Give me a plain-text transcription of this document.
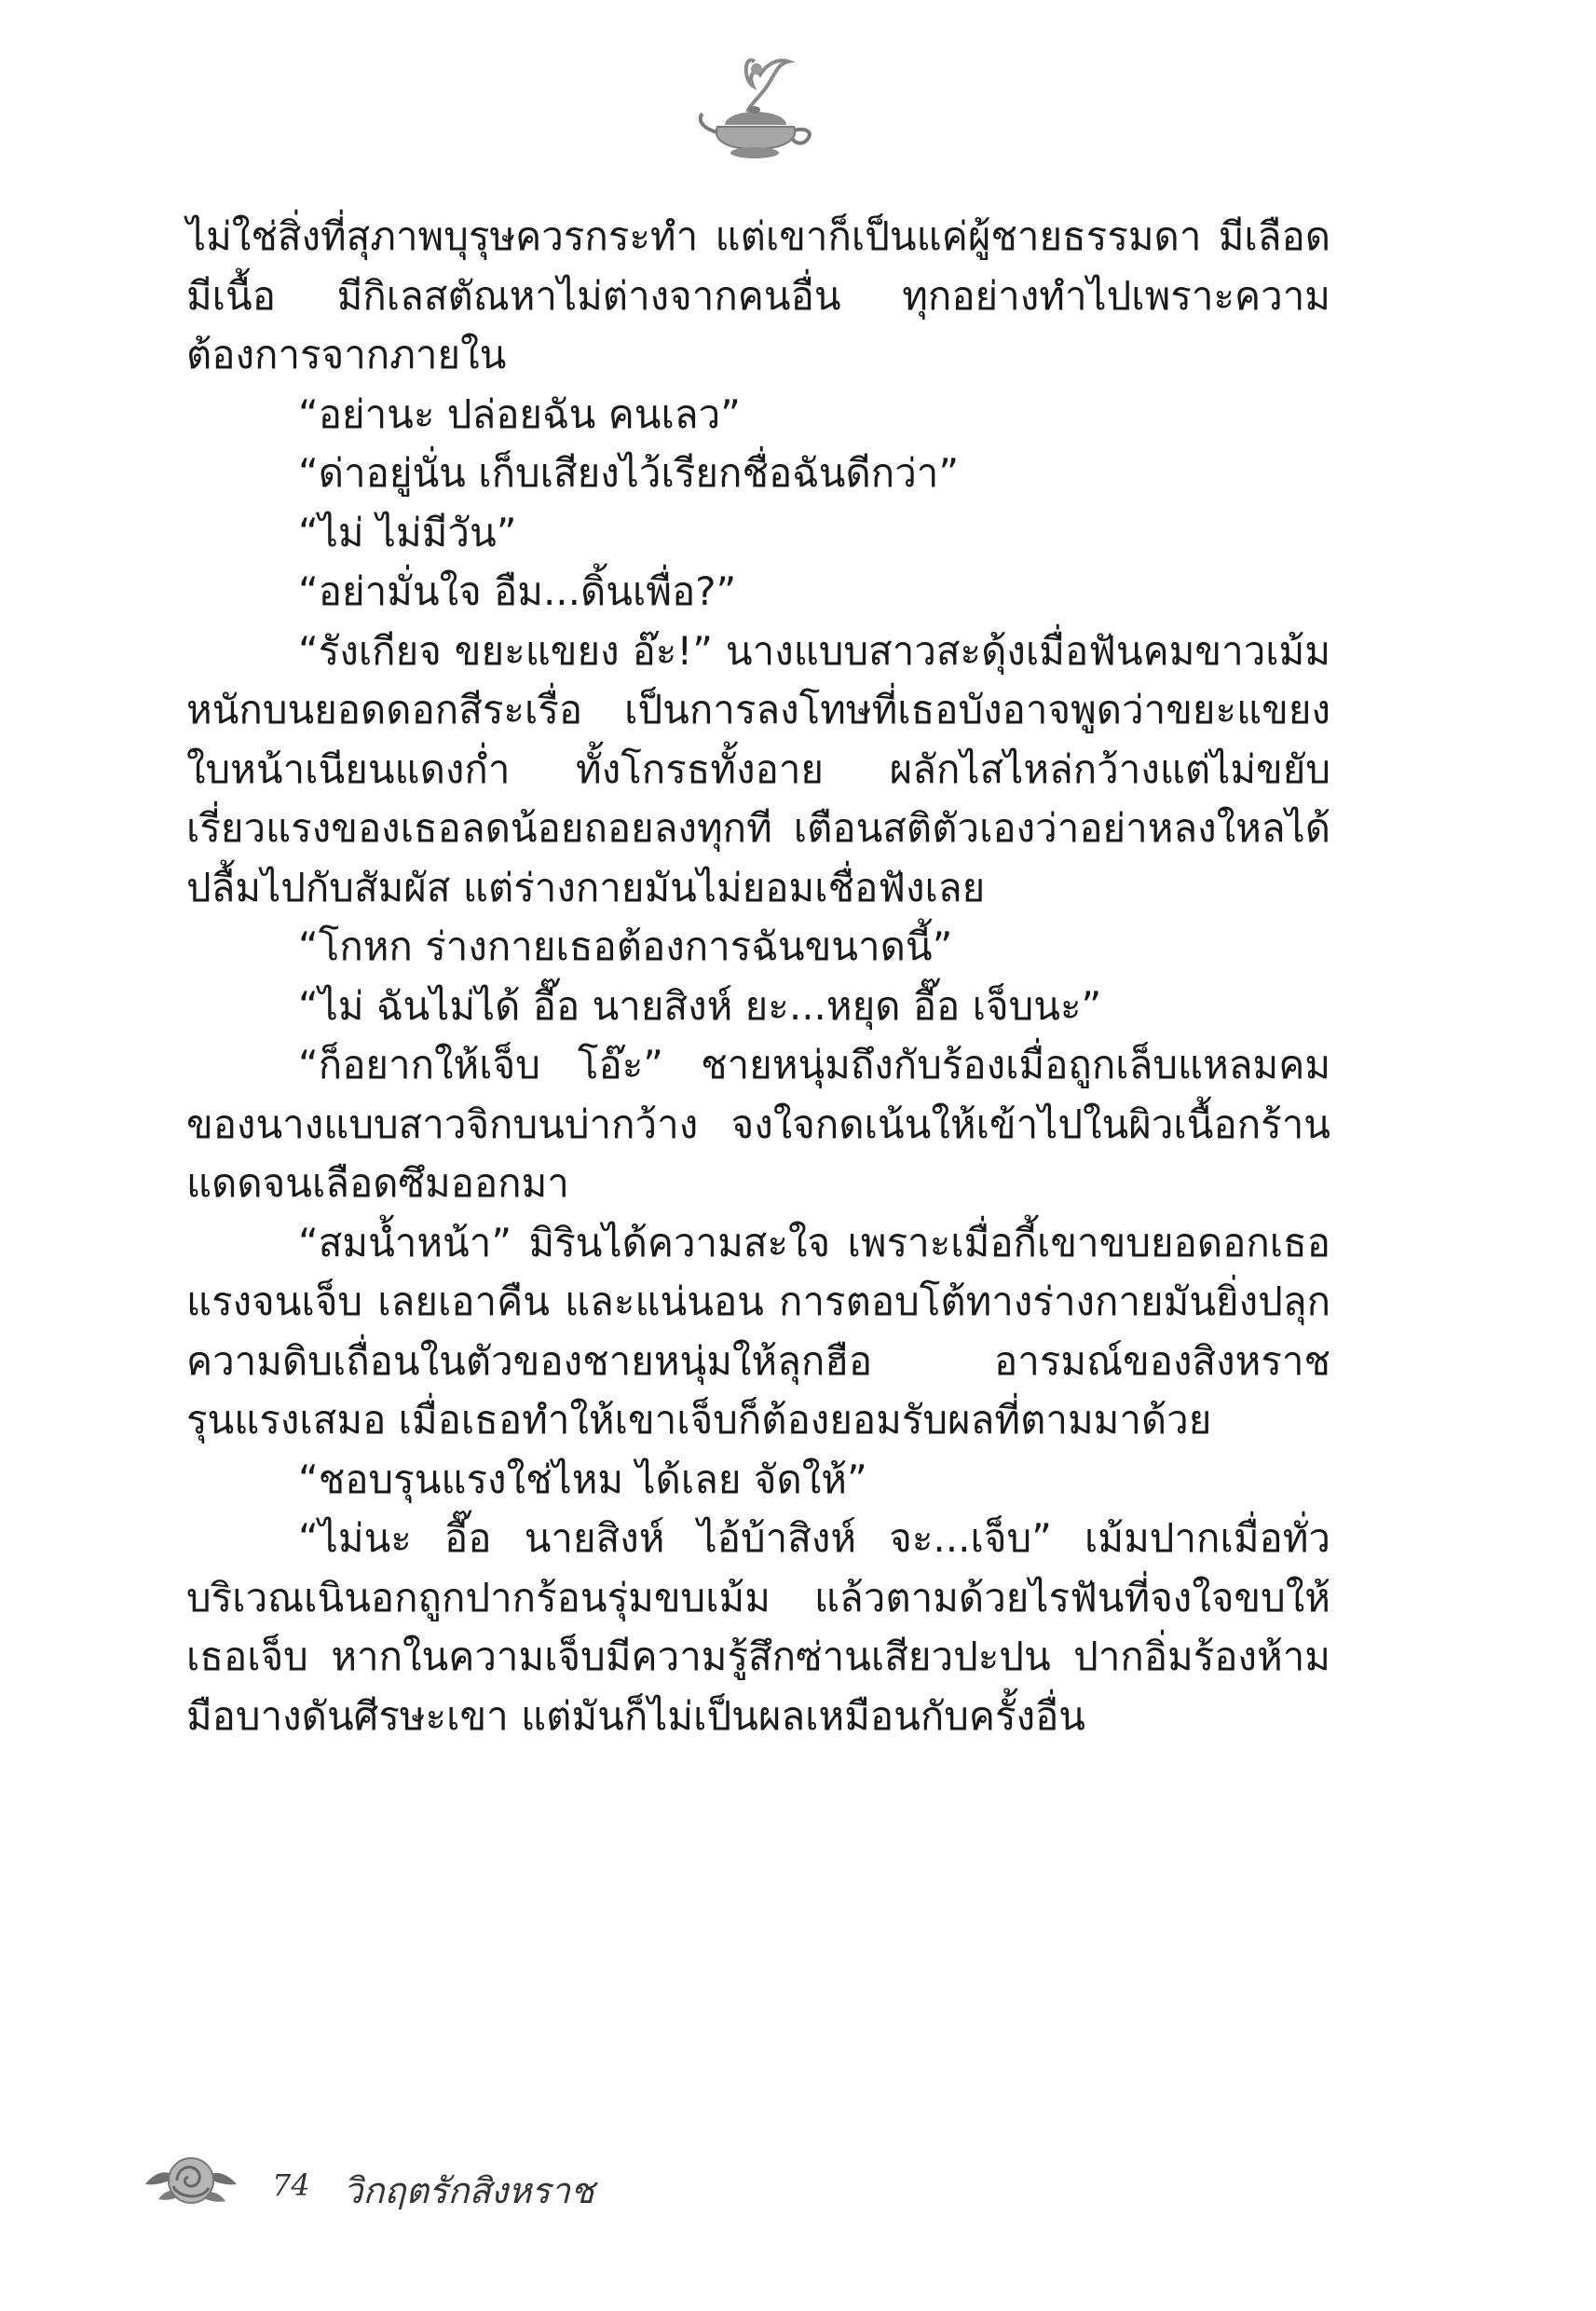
ไม่ใช่สิ่งที่สุภาพบุรุษควรกระทำ แต่เขาก็เป็นแค่ผู้ชายธรรมดา มีเลือดมีเนื้อ มีกิเลสตัณหาไม่ต่างจากคนอื่น ทุกอย่างทำไปเพราะความต้องการจากภายใน

“อย่านะ ปล่อยฉัน คนเลว”

“ด่าอยู่นั่น เก็บเสียงไว้เรียกชื่อฉันดีกว่า”

“ไม่ ไม่มีวัน”

“อย่ามั่นใจ อืม...ดิ้นเพื่อ?”

“รังเกียจ ขยะแขยง อ๊ะ!” นางแบบสาวสะดุ้งเมื่อฟันคมขาวเม้มหนักบนยอดดอกสีระเรื่อ เป็นการลงโทษที่เธอบังอาจพูดว่าขยะแขยง ใบหน้าเนียนแดงก่ำ ทั้งโกรธทั้งอาย ผลักไสไหล่กว้างแต่ไม่ขยับ เรี่ยวแรงของเธอลดน้อยถอยลงทุกที เตือนสติตัวเองว่าอย่าหลงใหลได้ปลื้มไปกับสัมผัส แต่ร่างกายมันไม่ยอมเชื่อฟังเลย

“โกหก ร่างกายเธอต้องการฉันขนาดนี้”

“ไม่ ฉันไม่ได้ อื๊อ นายสิงห์ ยะ...หยุด อื๊อ เจ็บนะ”

“ก็อยากให้เจ็บ โอ๊ะ” ชายหนุ่มถึงกับร้องเมื่อถูกเล็บแหลมคมของนางแบบสาวจิกบนบ่ากว้าง จงใจกดเน้นให้เข้าไปในผิวเนื้อกร้านแดดจนเลือดซึมออกมา

“สมน้ำหน้า” มิรินได้ความสะใจ เพราะเมื่อกี้เขาขบยอดอกเธอแรงจนเจ็บ เลยเอาคืน และแน่นอน การตอบโต้ทางร่างกายมันยิ่งปลุกความดิบเถื่อนในตัวของชายหนุ่มให้ลุกฮือ อารมณ์ของสิงหราชรุนแรงเสมอ เมื่อเธอทำให้เขาเจ็บก็ต้องยอมรับผลที่ตามมาด้วย

“ชอบรุนแรงใช่ไหม ได้เลย จัดให้”

“ไม่นะ อื๊อ นายสิงห์ ไอ้บ้าสิงห์ จะ...เจ็บ” เม้มปากเมื่อทั่วบริเวณเนินอกถูกปากร้อนรุ่มขบเม้ม แล้วตามด้วยไรฟันที่จงใจขบให้เธอเจ็บ หากในความเจ็บมีความรู้สึกซ่านเสียวปะปน ปากอิ่มร้องห้าม มือบางดันศีรษะเขา แต่มันก็ไม่เป็นผลเหมือนกับครั้งอื่น

74 วิกฤตรักสิงหราช
